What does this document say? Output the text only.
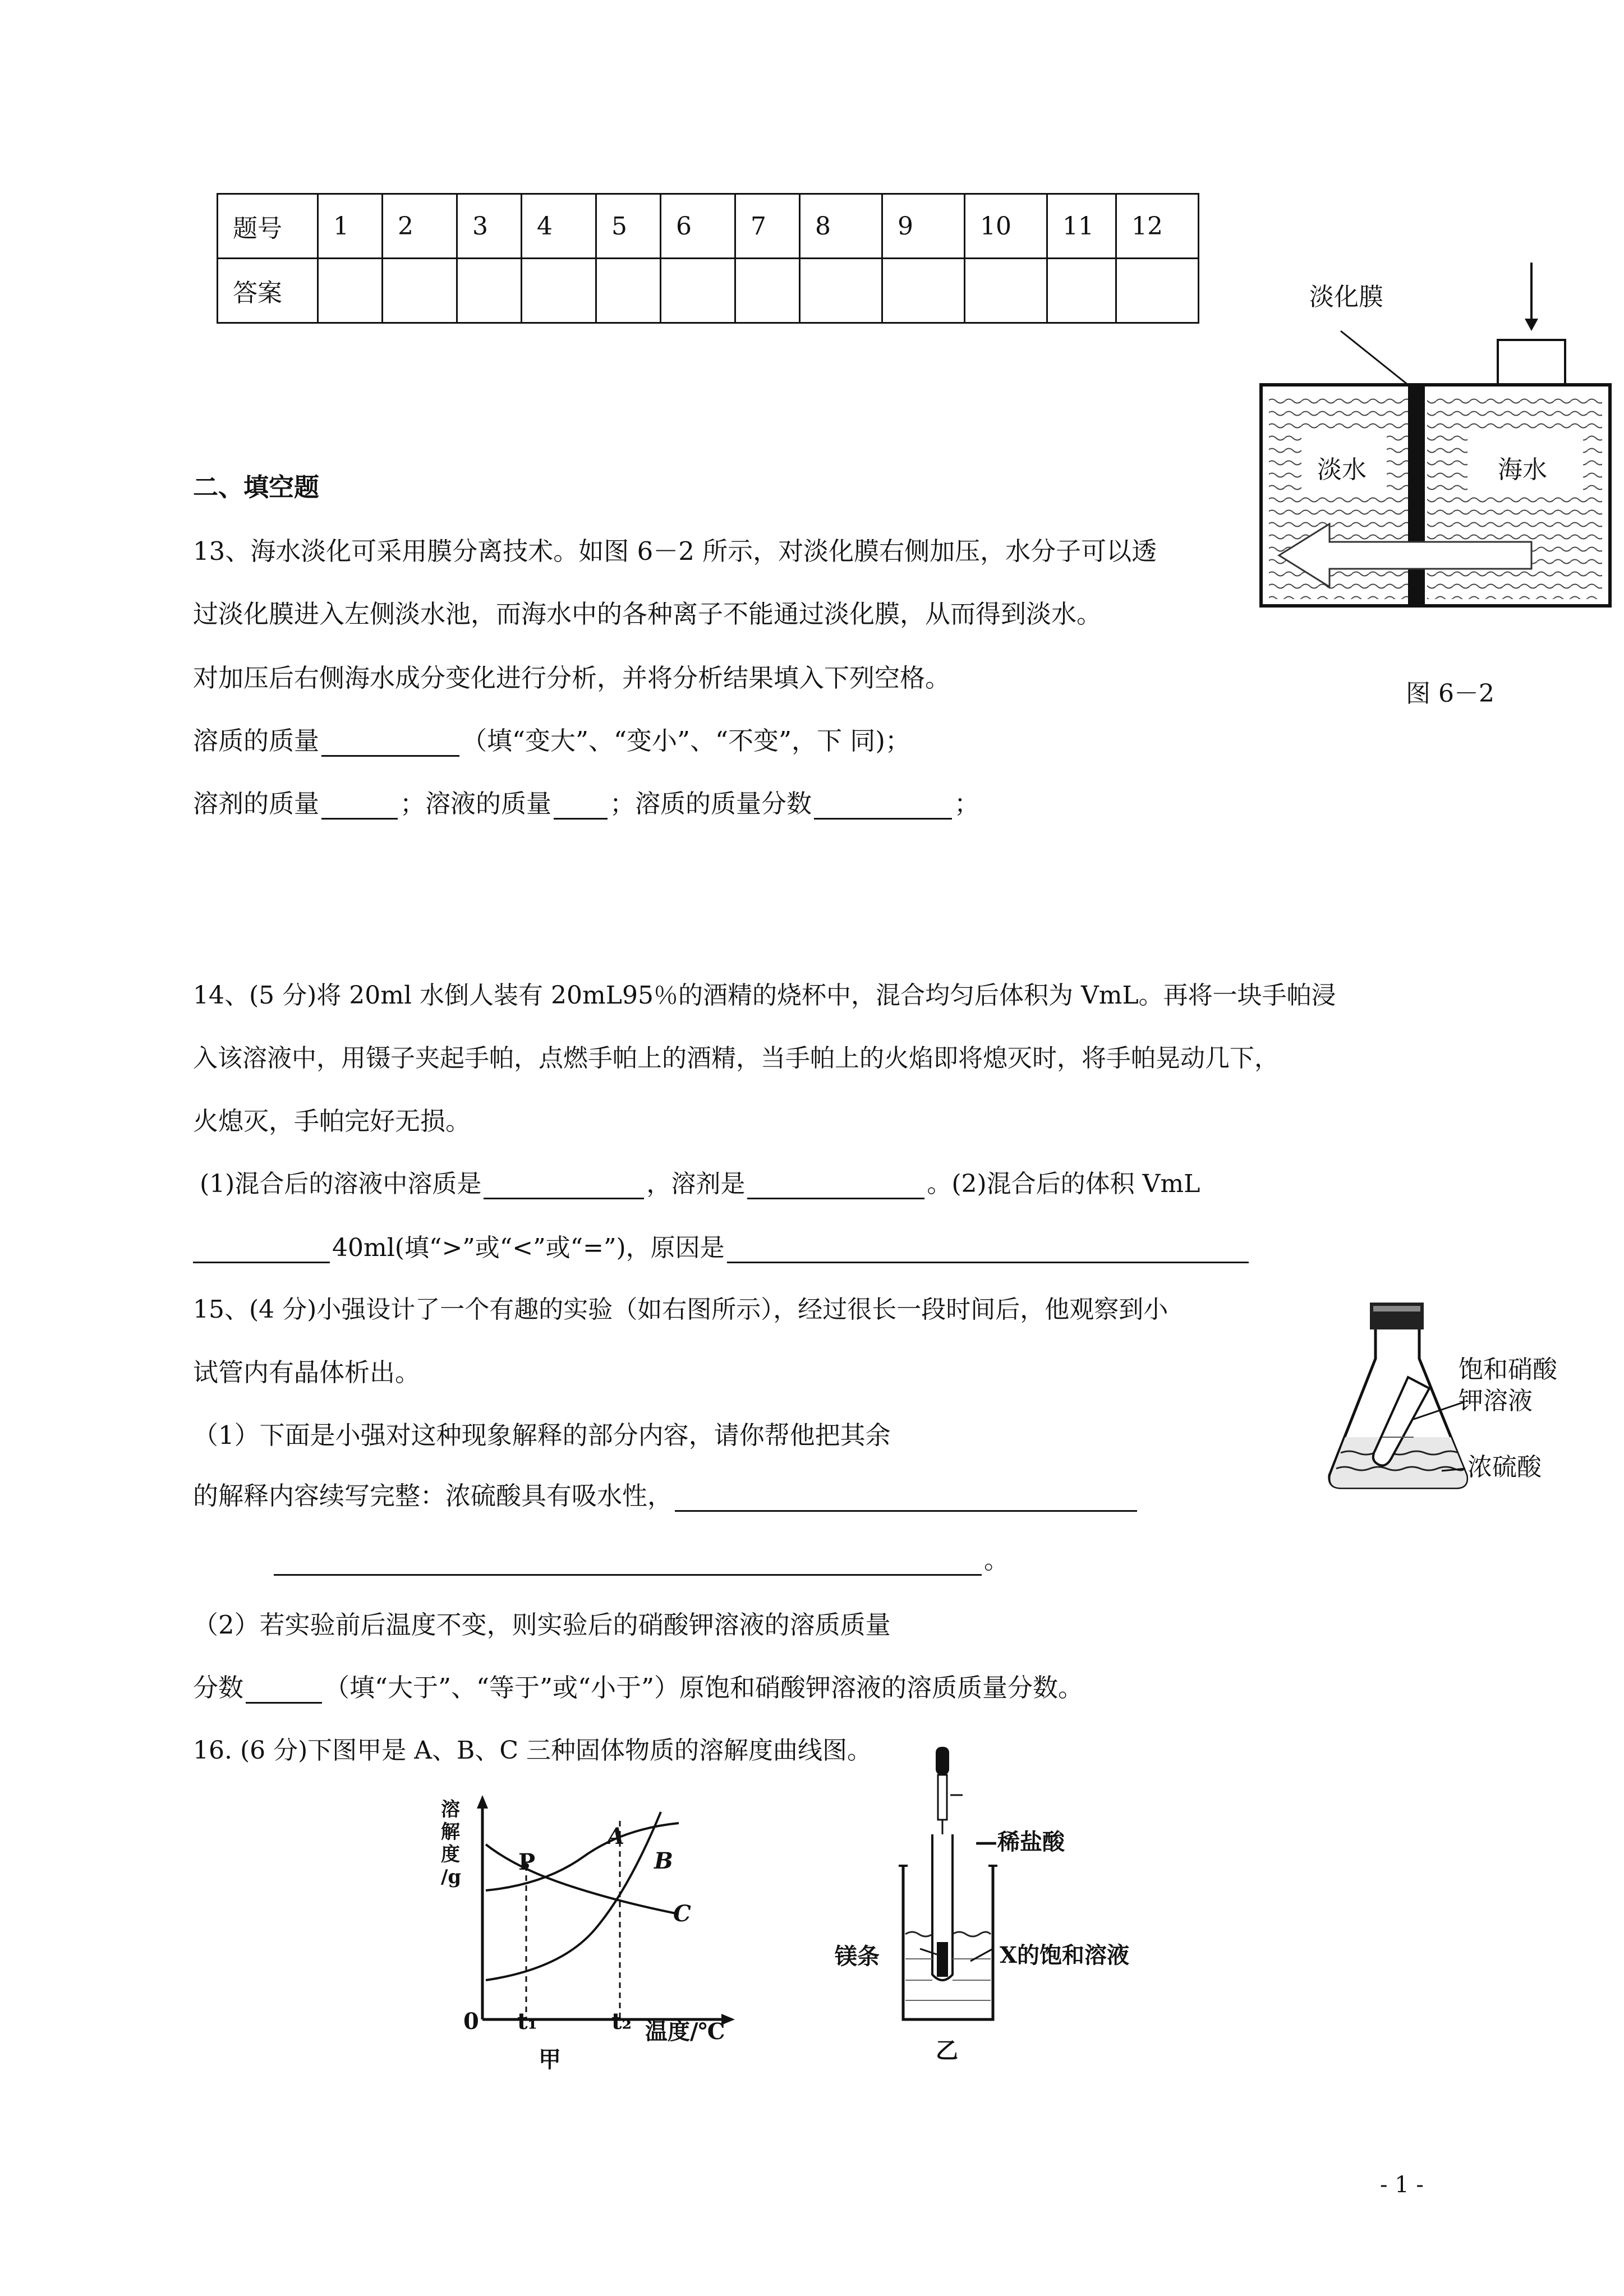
题号	1	2	3	4	5	6	7	8	9	10	11	12
答案													淡化膜
淡水	海水
图 6－2
二、填空题
13、海水淡化可采用膜分离技术。如图 6－2 所示，对淡化膜右侧加压，水分子可以透
过淡化膜进入左侧淡水池，而海水中的各种离子不能通过淡化膜，从而得到淡水。
对加压后右侧海水成分变化进行分析，并将分析结果填入下列空格。
溶质的质量	（填“变大”、“变小”、“不变”，下 同)；
溶剂的质量	；溶液的质量 ；溶质的质量分数	；
14、(5 分)将 20ml 水倒人装有 20mL95％的酒精的烧杯中，混合均匀后体积为 VmL。再将一块手帕浸
入该溶液中，用镊子夹起手帕，点燃手帕上的酒精，当手帕上的火焰即将熄灭时，将手帕晃动几下，
火熄灭，手帕完好无损。
(1)混合后的溶液中溶质是	，溶剂是	。(2)混合后的体积 VmL
40ml(填“>”或“<”或“=”)，原因是
15、(4 分)小强设计了一个有趣的实验（如右图所示），经过很长一段时间后，他观察到小
试管内有晶体析出。
（1）下面是小强对这种现象解释的部分内容，请你帮他把其余
的解释内容续写完整：浓硫酸具有吸水性，
。
（2）若实验前后温度不变，则实验后的硝酸钾溶液的溶质质量
分数	（填“大于”、“等于”或“小于”）原饱和硝酸钾溶液的溶质质量分数。
饱和硝酸
钾溶液
浓硫酸
16. (6 分)下图甲是 A、B、C 三种固体物质的溶解度曲线图。
溶
解
度
/g
0 t₁	t₂ 温度/℃
A
B
C
P
甲
—稀盐酸
镁条	X的饱和溶液
乙
- 1 -
